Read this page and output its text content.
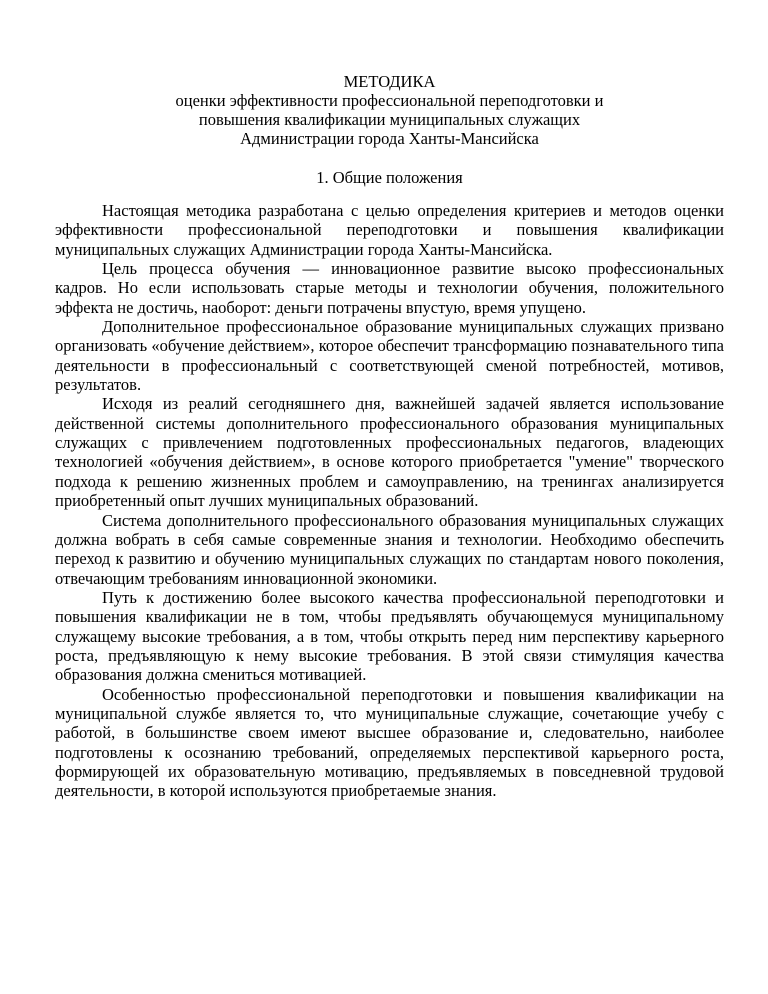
МЕТОДИКА
оценки эффективности профессиональной переподготовки и
повышения квалификации муниципальных служащих
Администрации города Ханты-Мансийска
1. Общие положения

Настоящая методика разработана с целью определения критериев и методов оценки эффективности профессиональной переподготовки и повышения квалификации муниципальных служащих Администрации города Ханты-Мансийска.

Цель процесса обучения — инновационное развитие высоко профессиональных кадров. Но если использовать старые методы и технологии обучения, положительного эффекта не достичь, наоборот: деньги потрачены впустую, время упущено.

Дополнительное профессиональное образование муниципальных служащих призвано организовать «обучение действием», которое обеспечит трансформацию познавательного типа деятельности в профессиональный с соответствующей сменой потребностей, мотивов, результатов.

Исходя из реалий сегодняшнего дня, важнейшей задачей является использование действенной системы дополнительного профессионального образования муниципальных служащих с привлечением подготовленных профессиональных педагогов, владеющих технологией «обучения действием», в основе которого приобретается "умение" творческого подхода к решению жизненных проблем и самоуправлению, на тренингах анализируется приобретенный опыт лучших муниципальных образований.

Система дополнительного профессионального образования муниципальных служащих должна вобрать в себя самые современные знания и технологии. Необходимо обеспечить переход к развитию и обучению муниципальных служащих по стандартам нового поколения, отвечающим требованиям инновационной экономики.

Путь к достижению более высокого качества профессиональной переподготовки и повышения квалификации не в том, чтобы предъявлять обучающемуся муниципальному служащему высокие требования, а в том, чтобы открыть перед ним перспективу карьерного роста, предъявляющую к нему высокие требования. В этой связи стимуляция качества образования должна смениться мотивацией.

Особенностью профессиональной переподготовки и повышения квалификации на муниципальной службе является то, что муниципальные служащие, сочетающие учебу с работой, в большинстве своем имеют высшее образование и, следовательно, наиболее подготовлены к осознанию требований, определяемых перспективой карьерного роста, формирующей их образовательную мотивацию, предъявляемых в повседневной трудовой деятельности, в которой используются приобретаемые знания.
